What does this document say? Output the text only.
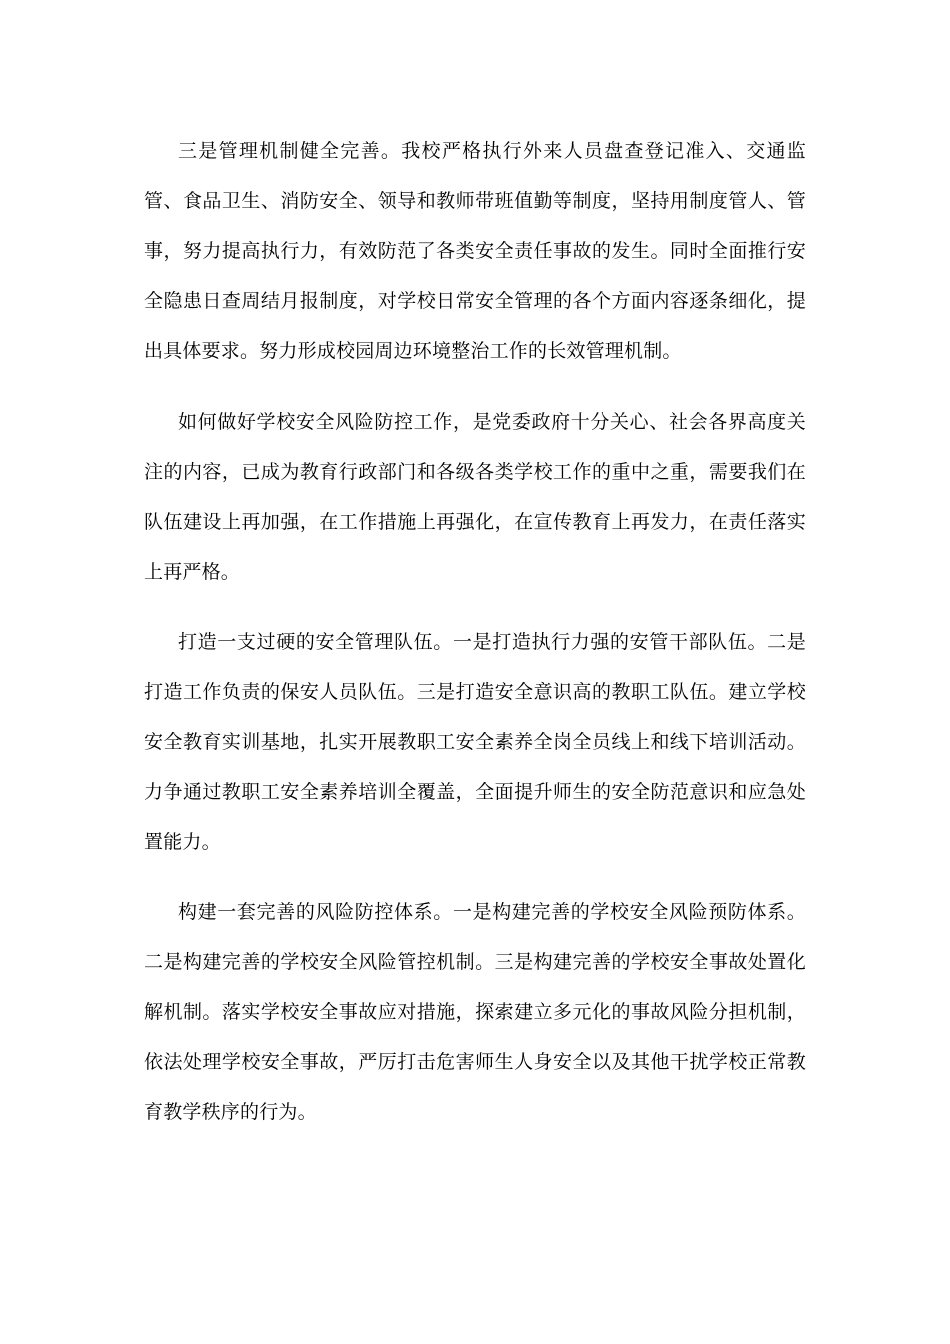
三是管理机制健全完善。我校严格执行外来人员盘查登记准入、交通监管、食品卫生、消防安全、领导和教师带班值勤等制度，坚持用制度管人、管事，努力提高执行力，有效防范了各类安全责任事故的发生。同时全面推行安全隐患日查周结月报制度，对学校日常安全管理的各个方面内容逐条细化，提出具体要求。努力形成校园周边环境整治工作的长效管理机制。

如何做好学校安全风险防控工作，是党委政府十分关心、社会各界高度关注的内容，已成为教育行政部门和各级各类学校工作的重中之重，需要我们在队伍建设上再加强，在工作措施上再强化，在宣传教育上再发力，在责任落实上再严格。

打造一支过硬的安全管理队伍。一是打造执行力强的安管干部队伍。二是打造工作负责的保安人员队伍。三是打造安全意识高的教职工队伍。建立学校安全教育实训基地，扎实开展教职工安全素养全岗全员线上和线下培训活动。力争通过教职工安全素养培训全覆盖，全面提升师生的安全防范意识和应急处置能力。

构建一套完善的风险防控体系。一是构建完善的学校安全风险预防体系。二是构建完善的学校安全风险管控机制。三是构建完善的学校安全事故处置化解机制。落实学校安全事故应对措施，探索建立多元化的事故风险分担机制，依法处理学校安全事故，严厉打击危害师生人身安全以及其他干扰学校正常教育教学秩序的行为。
